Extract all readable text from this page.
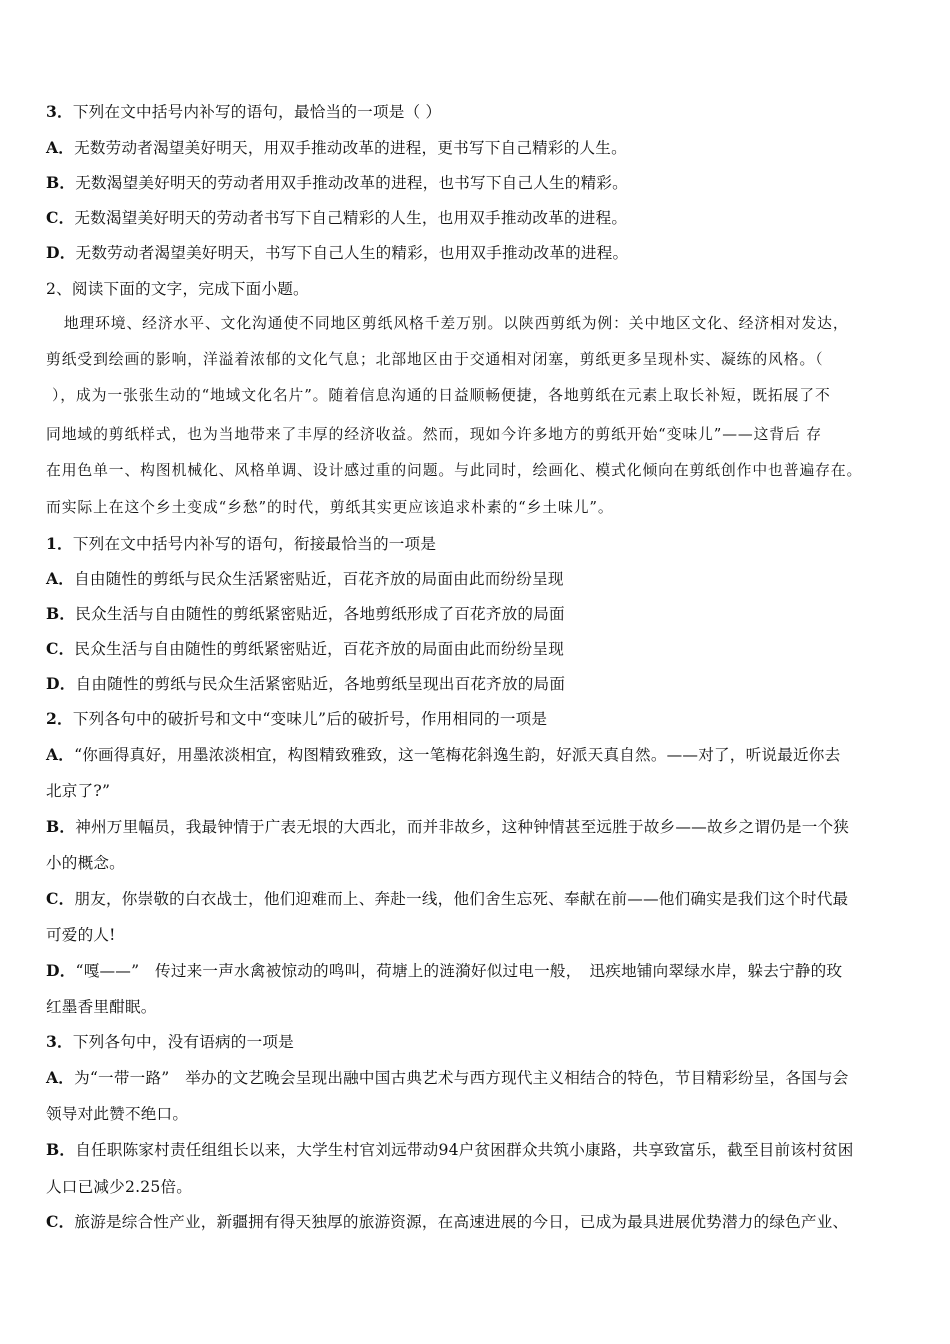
3．下列在文中括号内补写的语句，最恰当的一项是（ ）
A．无数劳动者渴望美好明天，用双手推动改革的进程，更书写下自己精彩的人生。
B．无数渴望美好明天的劳动者用双手推动改革的进程，也书写下自己人生的精彩。
C．无数渴望美好明天的劳动者书写下自己精彩的人生，也用双手推动改革的进程。
D．无数劳动者渴望美好明天，书写下自己人生的精彩，也用双手推动改革的进程。
2、阅读下面的文字，完成下面小题。
　地理环境、经济水平、文化沟通使不同地区剪纸风格千差万别。以陕西剪纸为例：关中地区文化、经济相对发达，
剪纸受到绘画的影响，洋溢着浓郁的文化气息；北部地区由于交通相对闭塞，剪纸更多呈现朴实、凝练的风格。（
），成为一张张生动的“地域文化名片”。随着信息沟通的日益顺畅便捷，各地剪纸在元素上取长补短，既拓展了不
同地域的剪纸样式，也为当地带来了丰厚的经济收益。然而，现如今许多地方的剪纸开始“变味儿”——这背后 存
在用色单一、构图机械化、风格单调、设计感过重的问题。与此同时，绘画化、模式化倾向在剪纸创作中也普遍存在。
而实际上在这个乡土变成“乡愁”的时代，剪纸其实更应该追求朴素的“乡土味儿”。
1．下列在文中括号内补写的语句，衔接最恰当的一项是
A．自由随性的剪纸与民众生活紧密贴近，百花齐放的局面由此而纷纷呈现
B．民众生活与自由随性的剪纸紧密贴近，各地剪纸形成了百花齐放的局面
C．民众生活与自由随性的剪纸紧密贴近，百花齐放的局面由此而纷纷呈现
D．自由随性的剪纸与民众生活紧密贴近，各地剪纸呈现出百花齐放的局面
2．下列各句中的破折号和文中“变味儿”后的破折号，作用相同的一项是
A．“你画得真好，用墨浓淡相宜，构图精致雅致，这一笔梅花斜逸生韵，好派天真自然。——对了，听说最近你去
北京了?”
B．神州万里幅员，我最钟情于广表无垠的大西北，而并非故乡，这种钟情甚至远胜于故乡——故乡之谓仍是一个狭
小的概念。
C．朋友，你崇敬的白衣战士，他们迎难而上、奔赴一线，他们舍生忘死、奉献在前——他们确实是我们这个时代最
可爱的人!
D．“嘎——”　传过来一声水禽被惊动的鸣叫，荷塘上的涟漪好似过电一般，　迅疾地铺向翠绿水岸，躲去宁静的玫
红墨香里酣眠。
3．下列各句中，没有语病的一项是
A．为“一带一路”　举办的文艺晚会呈现出融中国古典艺术与西方现代主义相结合的特色，节目精彩纷呈，各国与会
领导对此赞不绝口。
B．自任职陈家村责任组组长以来，大学生村官刘远带动94户贫困群众共筑小康路，共享致富乐，截至目前该村贫困
人口已减少2.25倍。
C．旅游是综合性产业，新疆拥有得天独厚的旅游资源，在高速进展的今日，已成为最具进展优势潜力的绿色产业、
